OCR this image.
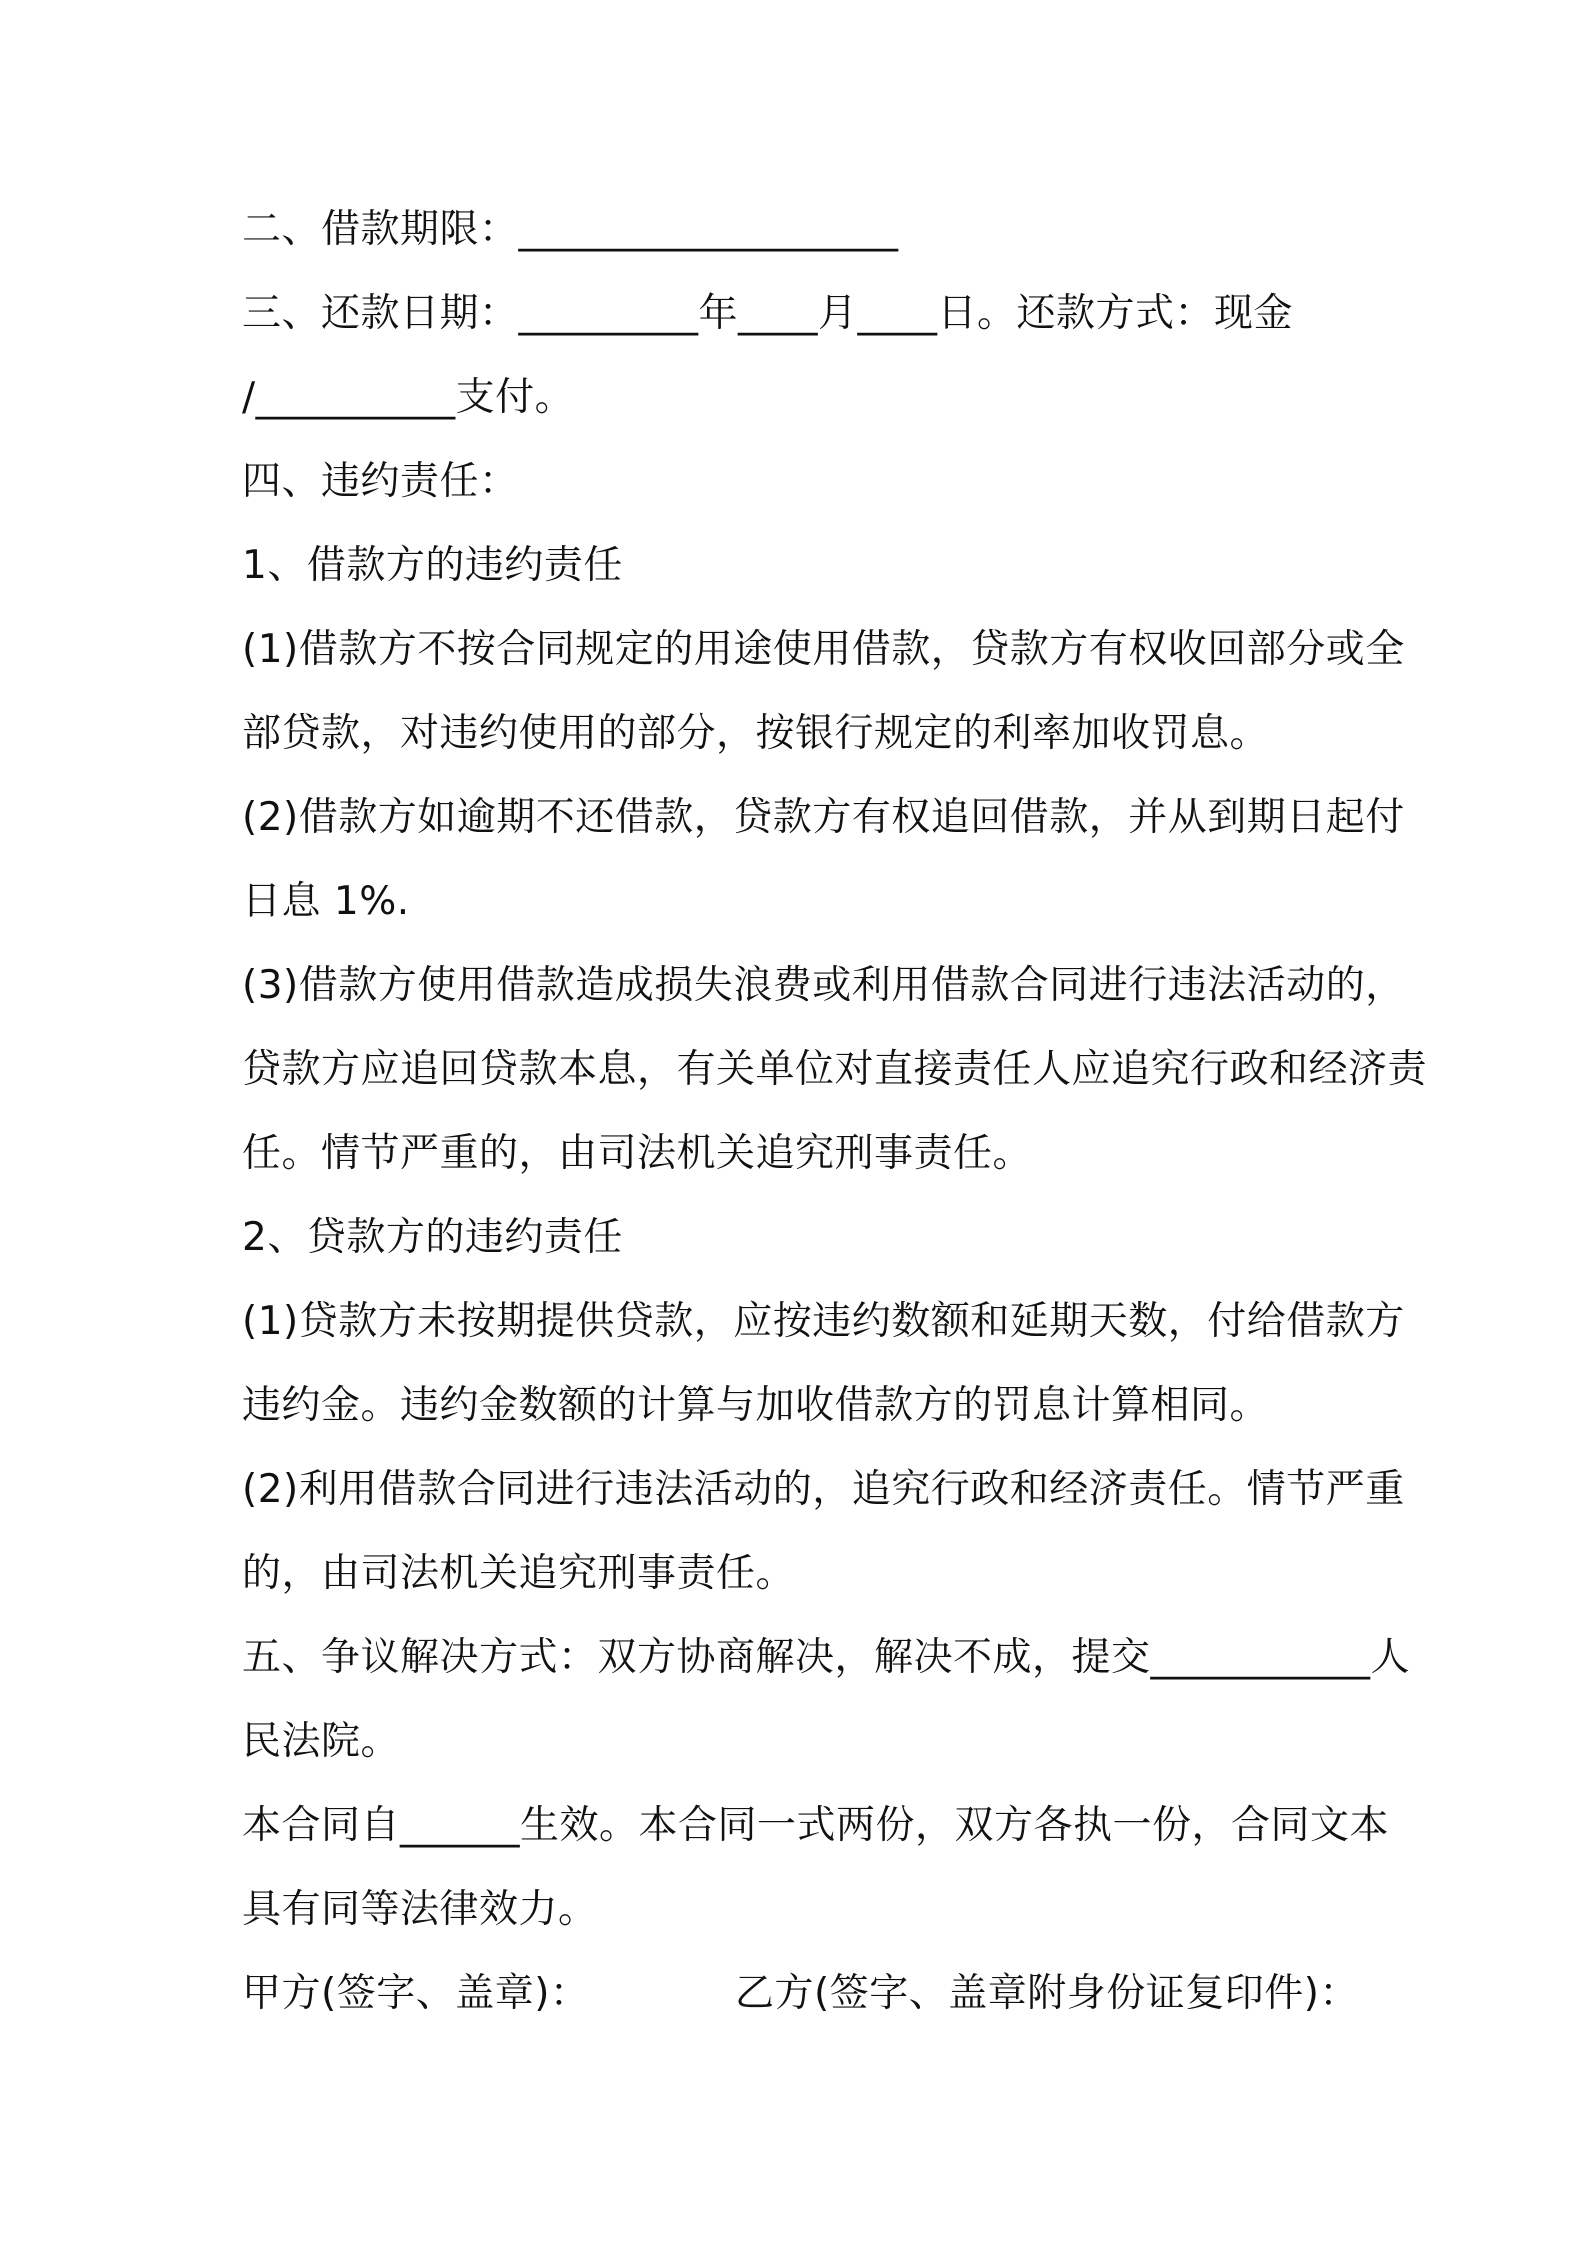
二、借款期限：___________________
三、还款日期：_________年____月____日。还款方式：现金
/__________支付。
四、违约责任：
1、借款方的违约责任
(1)借款方不按合同规定的用途使用借款，贷款方有权收回部分或全
部贷款，对违约使用的部分，按银行规定的利率加收罚息。
(2)借款方如逾期不还借款，贷款方有权追回借款，并从到期日起付
日息 1%.
(3)借款方使用借款造成损失浪费或利用借款合同进行违法活动的，
贷款方应追回贷款本息，有关单位对直接责任人应追究行政和经济责
任。情节严重的，由司法机关追究刑事责任。
2、贷款方的违约责任
(1)贷款方未按期提供贷款，应按违约数额和延期天数，付给借款方
违约金。违约金数额的计算与加收借款方的罚息计算相同。
(2)利用借款合同进行违法活动的，追究行政和经济责任。情节严重
的，由司法机关追究刑事责任。
五、争议解决方式：双方协商解决，解决不成，提交___________人
民法院。
本合同自______生效。本合同一式两份，双方各执一份，合同文本
具有同等法律效力。
甲方(签字、盖章)：	乙方(签字、盖章附身份证复印件)：
